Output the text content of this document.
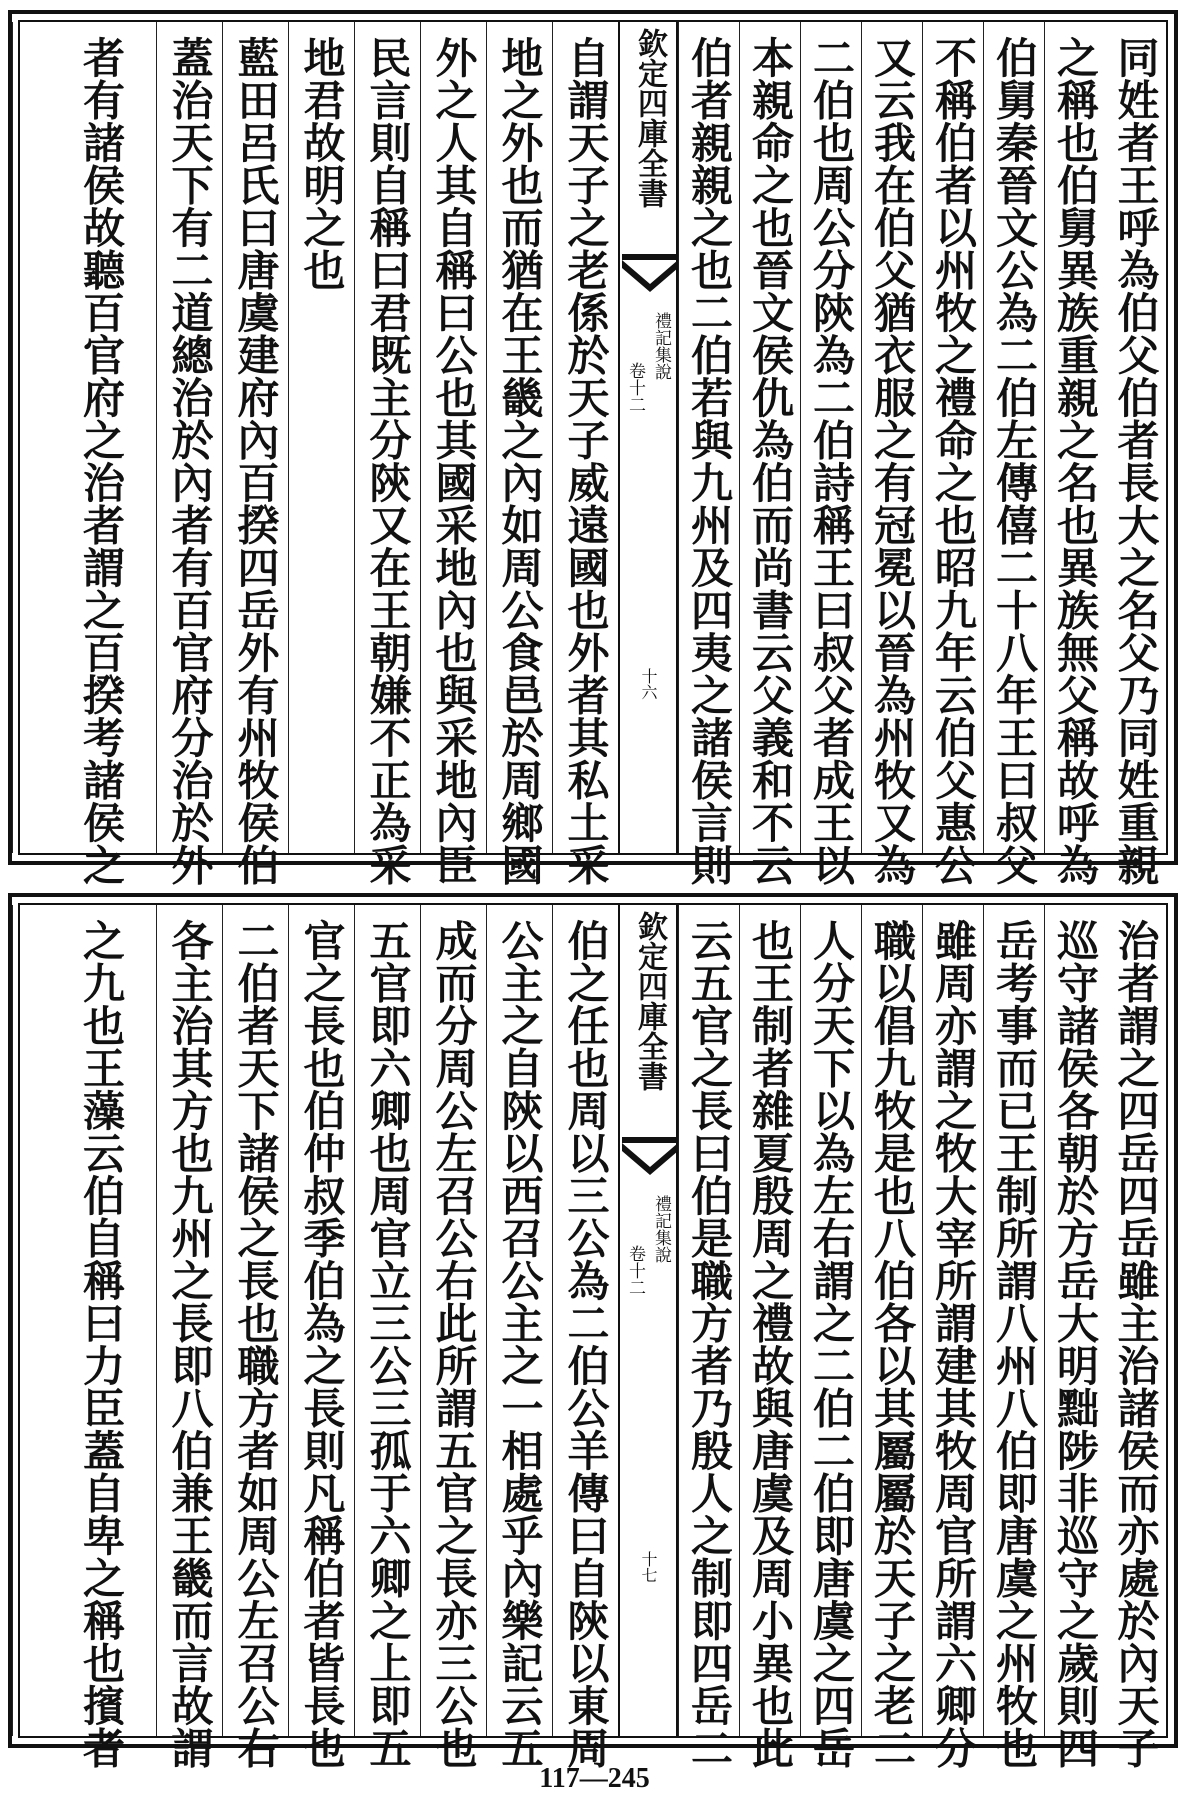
同姓者王呼為伯父伯者長大之名父乃同姓重親
之稱也伯舅異族重親之名也異族無父稱故呼為
伯舅秦晉文公為二伯左傳僖二十八年王曰叔父
不稱伯者以州牧之禮命之也昭九年云伯父惠公
又云我在伯父猶衣服之有冠冕以晉為州牧又為
二伯也周公分陝為二伯詩稱王曰叔父者成王以
本親命之也晉文侯仇為伯而尚書云父義和不云
伯者親親之也二伯若與九州及四夷之諸侯言則
欽定四庫全書
禮記集說
卷十二
十六
自謂天子之老係於天子威遠國也外者其私土采
地之外也而猶在王畿之內如周公食邑於周鄉國
外之人其自稱曰公也其國采地內也與采地內臣
民言則自稱曰君既主分陝又在王朝嫌不正為采
地君故明之也
藍田呂氏曰唐虞建府內百揆四岳外有州牧侯伯
蓋治天下有二道總治於內者有百官府分治於外
者有諸侯故聽百官府之治者謂之百揆考諸侯之
治者謂之四岳四岳雖主治諸侯而亦處於內天子
巡守諸侯各朝於方岳大明黜陟非巡守之歲則四
岳考事而已王制所謂八州八伯即唐虞之州牧也
雖周亦謂之牧大宰所謂建其牧周官所謂六卿分
職以倡九牧是也八伯各以其屬屬於天子之老二
人分天下以為左右謂之二伯二伯即唐虞之四岳
也王制者雜夏殷周之禮故與唐虞及周小異也此
云五官之長曰伯是職方者乃殷人之制即四岳二
欽定四庫全書
禮記集說
卷十二
十七
伯之任也周以三公為二伯公羊傳曰自陝以東周
公主之自陝以西召公主之一相處乎內樂記云五
成而分周公左召公右此所謂五官之長亦三公也
五官即六卿也周官立三公三孤于六卿之上即五
官之長也伯仲叔季伯為之長則凡稱伯者皆長也
二伯者天下諸侯之長也職方者如周公左召公右
各主治其方也九州之長即八伯兼王畿而言故謂
之九也王藻云伯自稱曰力臣蓋自卑之稱也擯者
117—245
